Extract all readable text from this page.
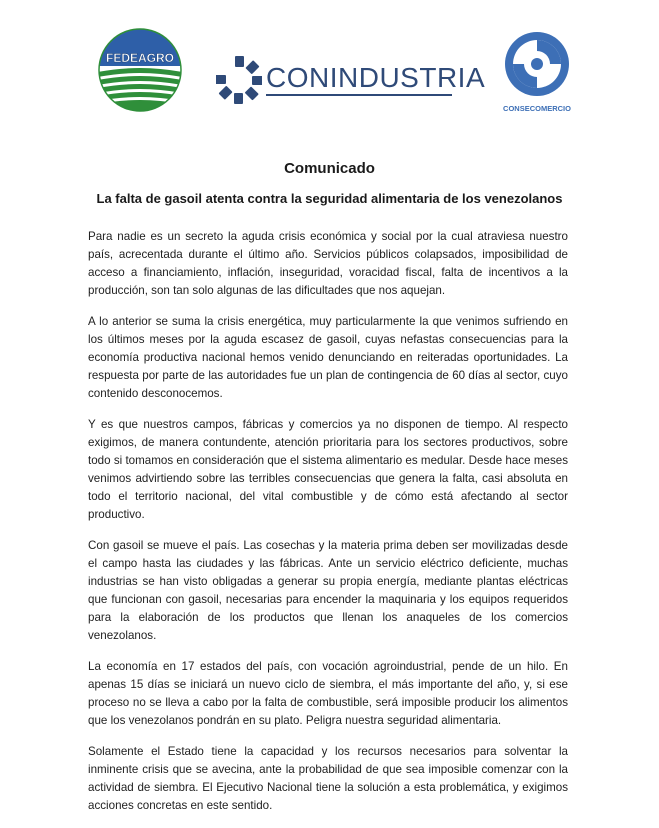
FEDEAGRO
CONINDUSTRIA
CONSECOMERCIO
Comunicado
La falta de gasoil atenta contra la seguridad alimentaria de los venezolanos

Para nadie es un secreto la aguda crisis económica y social por la cual atraviesa nuestro país, acrecentada durante el último año. Servicios públicos colapsados, imposibilidad de acceso a financiamiento, inflación, inseguridad, voracidad fiscal, falta de incentivos a la producción, son tan solo algunas de las dificultades que nos aquejan.

A lo anterior se suma la crisis energética, muy particularmente la que venimos sufriendo en los últimos meses por la aguda escasez de gasoil, cuyas nefastas consecuencias para la economía productiva nacional hemos venido denunciando en reiteradas oportunidades. La respuesta por parte de las autoridades fue un plan de contingencia de 60 días al sector, cuyo contenido desconocemos.

Y es que nuestros campos, fábricas y comercios ya no disponen de tiempo. Al respecto exigimos, de manera contundente, atención prioritaria para los sectores productivos, sobre todo si tomamos en consideración que el sistema alimentario es medular. Desde hace meses venimos advirtiendo sobre las terribles consecuencias que genera la falta, casi absoluta en todo el territorio nacional, del vital combustible y de cómo está afectando al sector productivo.

Con gasoil se mueve el país. Las cosechas y la materia prima deben ser movilizadas desde el campo hasta las ciudades y las fábricas. Ante un servicio eléctrico deficiente, muchas industrias se han visto obligadas a generar su propia energía, mediante plantas eléctricas que funcionan con gasoil, necesarias para encender la maquinaria y los equipos requeridos para la elaboración de los productos que llenan los anaqueles de los comercios venezolanos.

La economía en 17 estados del país, con vocación agroindustrial, pende de un hilo. En apenas 15 días se iniciará un nuevo ciclo de siembra, el más importante del año, y, si ese proceso no se lleva a cabo por la falta de combustible, será imposible producir los alimentos que los venezolanos pondrán en su plato. Peligra nuestra seguridad alimentaria.

Solamente el Estado tiene la capacidad y los recursos necesarios para solventar la inminente crisis que se avecina, ante la probabilidad de que sea imposible comenzar con la actividad de siembra. El Ejecutivo Nacional tiene la solución a esta problemática, y exigimos acciones concretas en este sentido.
